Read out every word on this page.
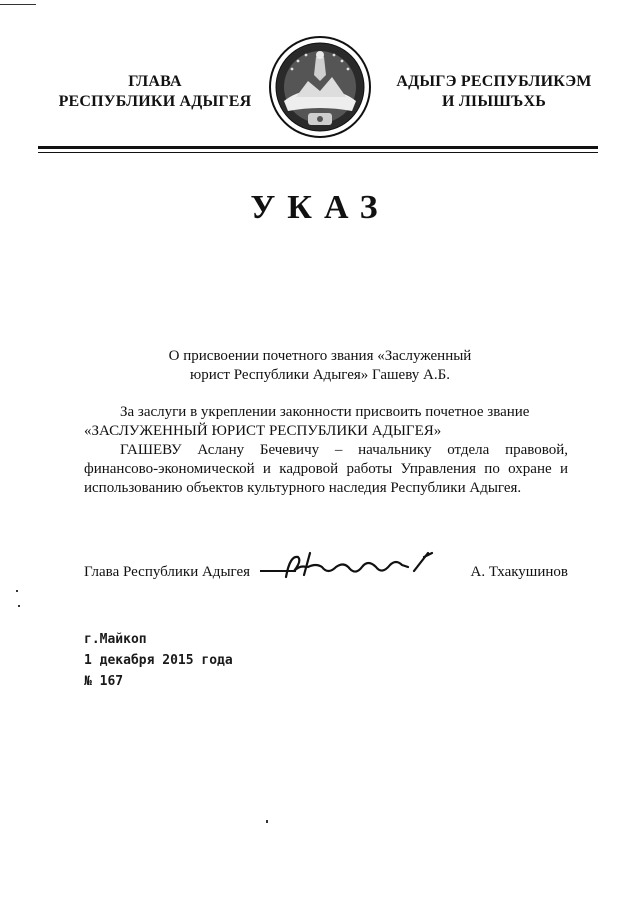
ГЛАВА
РЕСПУБЛИКИ АДЫГЕЯ
АДЫГЭ РЕСПУБЛИКЭМ
И ЛІЫШЪХЬ
УКАЗ
О присвоении почетного звания «Заслуженный
юрист Республики Адыгея» Гашеву А.Б.
За заслуги в укреплении законности присвоить почетное звание
«ЗАСЛУЖЕННЫЙ ЮРИСТ РЕСПУБЛИКИ АДЫГЕЯ»
ГАШЕВУ Аслану Бечевичу – начальнику отдела правовой, финансово-экономической и кадровой работы Управления по охране и использованию объектов культурного наследия Республики Адыгея.
Глава Республики Адыгея	А. Тхакушинов
г.Майкоп
1 декабря 2015 года
№ 167
